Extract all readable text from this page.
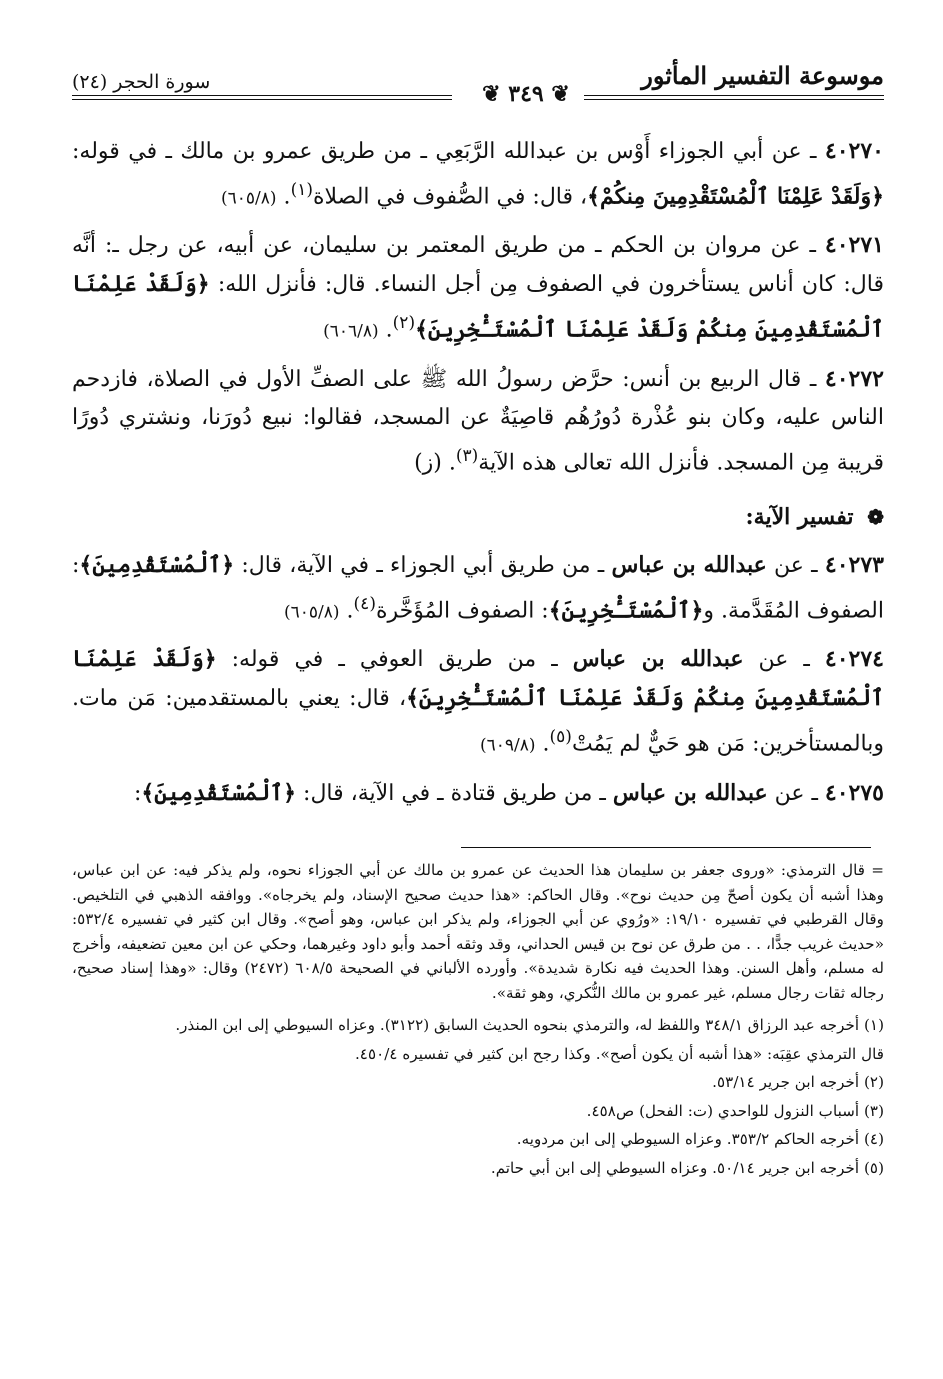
موسوعة التفسير المأثور
❦ ٣٤٩ ❦
سورة الحجر (٢٤)

٤٠٢٧٠ ـ عن أبي الجوزاء أَوْس بن عبدالله الرَّبَعِي ـ من طريق عمرو بن مالك ـ في قوله: ﴿وَلَقَدْ عَلِمْنَا ٱلْمُسْتَقْدِمِينَ مِنكُمْ﴾، قال: في الصُّفوف في الصلاة$^{(١)}$. (٦٠٥/٨)

٤٠٢٧١ ـ عن مروان بن الحكم ـ من طريق المعتمر بن سليمان، عن أبيه، عن رجل ـ: أنَّه قال: كان أناس يستأخرون في الصفوف مِن أجل النساء. قال: فأنزل الله: ﴿وَلَقَدْ عَلِمْنَا ٱلْمُسْتَقْدِمِينَ مِنكُمْ وَلَقَدْ عَلِمْنَا ٱلْمُسْتَـْٔخِرِينَ﴾$^{(٢)}$. (٦٠٦/٨)

٤٠٢٧٢ ـ قال الربيع بن أنس: حرَّض رسولُ الله ﷺ على الصفِّ الأول في الصلاة، فازدحم الناس عليه، وكان بنو عُذْرة دُورُهُم قاصِيَةٌ عن المسجد، فقالوا: نبيع دُورَنا، ونشتري دُورًا قريبة مِن المسجد. فأنزل الله تعالى هذه الآية$^{(٣)}$. (ز)

❁ تفسير الآية:

٤٠٢٧٣ ـ عن عبدالله بن عباس ـ من طريق أبي الجوزاء ـ في الآية، قال: ﴿ٱلْمُسْتَقْدِمِينَ﴾: الصفوف المُقَدَّمة. و﴿ٱلْمُسْتَـْٔخِرِينَ﴾: الصفوف المُؤَخَّرة$^{(٤)}$. (٦٠٥/٨)

٤٠٢٧٤ ـ عن عبدالله بن عباس ـ من طريق العوفي ـ في قوله: ﴿وَلَقَدْ عَلِمْنَا ٱلْمُسْتَقْدِمِينَ مِنكُمْ وَلَقَدْ عَلِمْنَا ٱلْمُسْتَـْٔخِرِينَ﴾، قال: يعني بالمستقدمين: مَن مات. وبالمستأخرين: مَن هو حَيٌّ لم يَمُتْ$^{(٥)}$. (٦٠٩/٨)

٤٠٢٧٥ ـ عن عبدالله بن عباس ـ من طريق قتادة ـ في الآية، قال: ﴿ٱلْمُسْتَقْدِمِينَ﴾:

= قال الترمذي: «وروى جعفر بن سليمان هذا الحديث عن عمرو بن مالك عن أبي الجوزاء نحوه، ولم يذكر فيه: عن ابن عباس، وهذا أشبه أن يكون أصحّ مِن حديث نوح». وقال الحاكم: «هذا حديث صحيح الإسناد، ولم يخرجاه». ووافقه الذهبي في التلخيص. وقال القرطبي في تفسيره ١٩/١٠: «ورُوي عن أبي الجوزاء، ولم يذكر ابن عباس، وهو أصح». وقال ابن كثير في تفسيره ٥٣٢/٤: «حديث غريب جدًّا، . . من طرق عن نوح بن قيس الحداني، وقد وثقه أحمد وأبو داود وغيرهما، وحكي عن ابن معين تضعيفه، وأخرج له مسلم، وأهل السنن. وهذا الحديث فيه نكارة شديدة». وأورده الألباني في الصحيحة ٦٠٨/٥ (٢٤٧٢) وقال: «وهذا إسناد صحيح، رجاله ثقات رجال مسلم، غير عمرو بن مالك النُّكري، وهو ثقة».

(١) أخرجه عبد الرزاق ٣٤٨/١ واللفظ له، والترمذي بنحوه الحديث السابق (٣١٢٢). وعزاه السيوطي إلى ابن المنذر.

قال الترمذي عقِبَه: «هذا أشبه أن يكون أصح». وكذا رجح ابن كثير في تفسيره ٤٥٠/٤.

(٢) أخرجه ابن جرير ٥٣/١٤.

(٣) أسباب النزول للواحدي (ت: الفحل) ص٤٥٨.

(٤) أخرجه الحاكم ٣٥٣/٢. وعزاه السيوطي إلى ابن مردويه.

(٥) أخرجه ابن جرير ٥٠/١٤. وعزاه السيوطي إلى ابن أبي حاتم.
